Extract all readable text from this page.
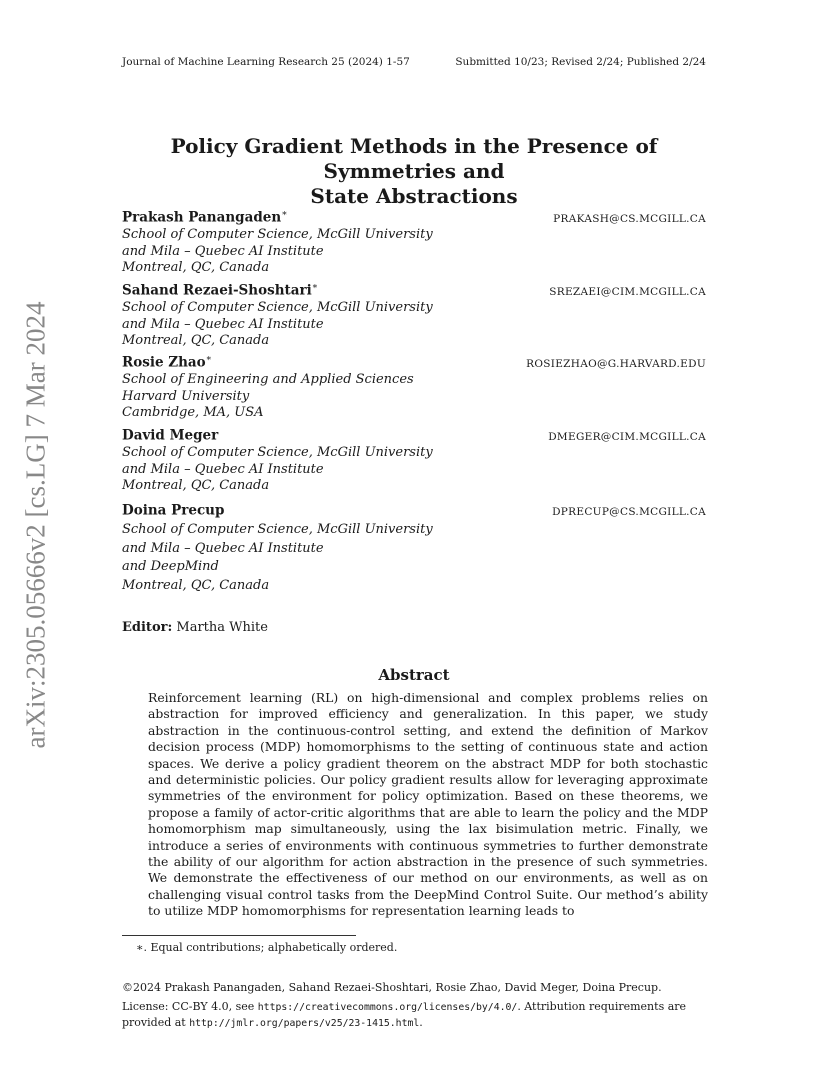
Journal of Machine Learning Research 25 (2024) 1-57	Submitted 10/23; Revised 2/24; Published 2/24
arXiv:2305.05666v2 [cs.LG] 7 Mar 2024
Policy Gradient Methods in the Presence of Symmetries and
State Abstractions
Prakash Panangaden∗	PRAKASH@CS.MCGILL.CA
School of Computer Science, McGill University
and Mila – Quebec AI Institute
Montreal, QC, Canada
Sahand Rezaei-Shoshtari∗	SREZAEI@CIM.MCGILL.CA
School of Computer Science, McGill University
and Mila – Quebec AI Institute
Montreal, QC, Canada
Rosie Zhao∗	ROSIEZHAO@G.HARVARD.EDU
School of Engineering and Applied Sciences
Harvard University
Cambridge, MA, USA
David Meger	DMEGER@CIM.MCGILL.CA
School of Computer Science, McGill University
and Mila – Quebec AI Institute
Montreal, QC, Canada
Doina Precup	DPRECUP@CS.MCGILL.CA
School of Computer Science, McGill University
and Mila – Quebec AI Institute
and DeepMind
Montreal, QC, Canada
Editor: Martha White
Abstract
Reinforcement learning (RL) on high-dimensional and complex problems relies on abstraction for improved efficiency and generalization. In this paper, we study abstraction in the continuous-control setting, and extend the definition of Markov decision process (MDP) homomorphisms to the setting of continuous state and action spaces. We derive a policy gradient theorem on the abstract MDP for both stochastic and deterministic policies. Our policy gradient results allow for leveraging approximate symmetries of the environment for policy optimization. Based on these theorems, we propose a family of actor-critic algorithms that are able to learn the policy and the MDP homomorphism map simultaneously, using the lax bisimulation metric. Finally, we introduce a series of environments with continuous symmetries to further demonstrate the ability of our algorithm for action abstraction in the presence of such symmetries. We demonstrate the effectiveness of our method on our environments, as well as on challenging visual control tasks from the DeepMind Control Suite. Our method’s ability to utilize MDP homomorphisms for representation learning leads to
∗. Equal contributions; alphabetically ordered.
©2024 Prakash Panangaden, Sahand Rezaei-Shoshtari, Rosie Zhao, David Meger, Doina Precup.
License: CC-BY 4.0, see https://creativecommons.org/licenses/by/4.0/. Attribution requirements are provided at http://jmlr.org/papers/v25/23-1415.html.
